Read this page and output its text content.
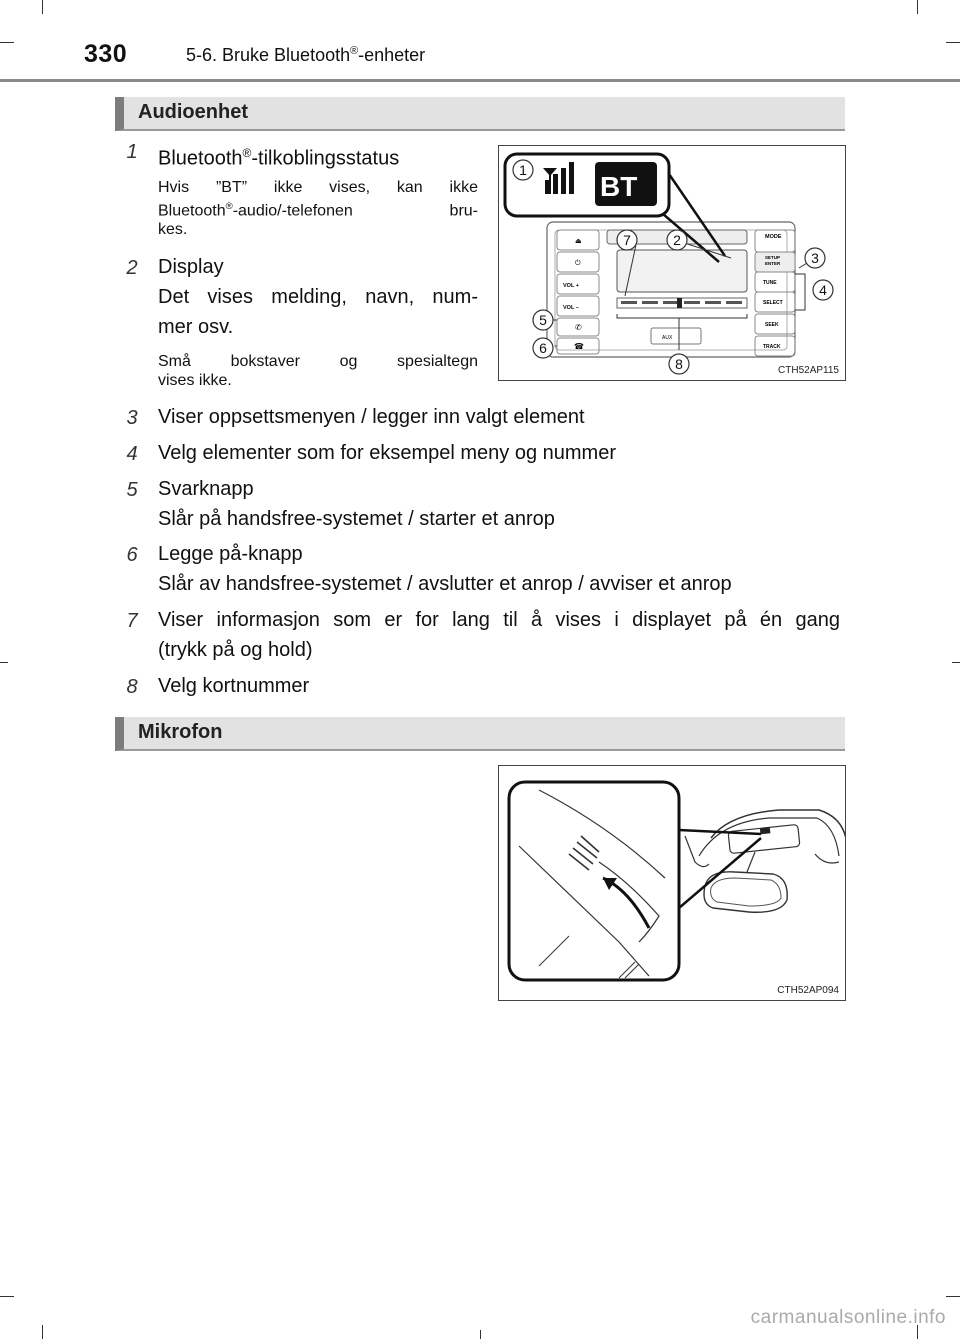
330	5-6. Bruke Bluetooth®-enheter
Audioenhet
1 Bluetooth®-tilkoblingsstatus
Hvis ”BT” ikke vises, kan ikke
Bluetooth®-audio/-telefonen bru-
kes.
2 Display
Det vises melding, navn, num-
mer osv.
Små bokstaver og spesialtegn
vises ikke.
⏏
⏻
VOL +
VOL –
✆
☎
AUX
MODE
SETUP
ENTER
TUNE
SELECT
SEEK
TRACK
BT
1
2
3
4
5
6
7
8	CTH52AP115
3 Viser oppsettsmenyen / legger inn valgt element
4 Velg elementer som for eksempel meny og nummer
5 Svarknapp
Slår på handsfree-systemet / starter et anrop
6 Legge på-knapp
Slår av handsfree-systemet / avslutter et anrop / avviser et anrop
7 Viser informasjon som er for lang til å vises i displayet på én gang
(trykk på og hold)
8 Velg kortnummer
Mikrofon
CTH52AP094
carmanualsonline.info
